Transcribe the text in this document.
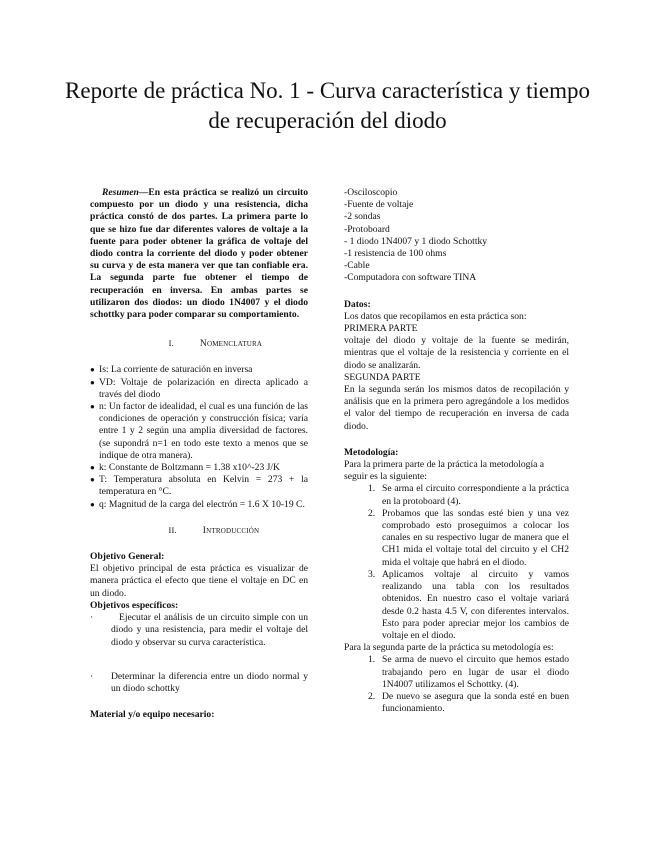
Reporte de práctica No. 1 - Curva característica y tiempo de recuperación del diodo

Resumen—En esta práctica se realizó un circuito compuesto por un diodo y una resistencia, dicha práctica constó de dos partes. La primera parte lo que se hizo fue dar diferentes valores de voltaje a la fuente para poder obtener la gráfica de voltaje del diodo contra la corriente del diodo y poder obtener su curva y de esta manera ver que tan confiable era. La segunda parte fue obtener el tiempo de recuperación en inversa. En ambas partes se utilizaron dos diodos: un diodo 1N4007 y el diodo schottky para poder comparar su comportamiento.

I.	Nomenclatura
● Is: La corriente de saturación en inversa
● VD: Voltaje de polarización en directa aplicado a través del diodo
● n: Un factor de idealidad, el cual es una función de las condiciones de operación y construcción física; varía entre 1 y 2 según una amplia diversidad de factores. (se supondrá n=1 en todo este texto a menos que se indique de otra manera).
● k: Constante de Boltzmann = 1.38 x10^-23 J/K
● T: Temperatura absoluta en Kelvin = 273 + la temperatura en °C.
● q: Magnitud de la carga del electrón = 1.6 X 10-19 C.
II.	Introducción

Objetivo General:

El objetivo principal de esta práctica es visualizar de manera práctica el efecto que tiene el voltaje en DC en un diodo.

Objetivos específicos:

·	Ejecutar el análisis de un circuito simple con un diodo y una resistencia, para medir el voltaje del diodo y observar su curva característica.
· Determinar la diferencia entre un diodo normal y un diodo schottky

Material y/o equipo necesario:

-Osciloscopio
-Fuente de voltaje
-2 sondas
-Protoboard
- 1 diodo 1N4007 y 1 diodo Schottky
-1 resistencia de 100 ohms
-Cable
-Computadora con software TINA

Datos:

Los datos que recopilamos en esta práctica son:

PRIMERA PARTE

voltaje del diodo y voltaje de la fuente se medirán, mientras que el voltaje de la resistencia y corriente en el diodo se analizarán.

SEGUNDA PARTE

En la segunda serán los mismos datos de recopilación y análisis que en la primera pero agregándole a los medidos el valor del tiempo de recuperación en inversa de cada diodo.

Metodología:

Para la primera parte de la práctica la metodología a seguir es la siguiente:

1. Se arma el circuito correspondiente a la práctica en la protoboard (4).
2. Probamos que las sondas esté bien y una vez comprobado esto proseguimos a colocar los canales en su respectivo lugar de manera que el CH1 mida el voltaje total del circuito y el CH2 mida el voltaje que habrá en el diodo.
3. Aplicamos voltaje al circuito y vamos realizando una tabla con los resultados obtenidos. En nuestro caso el voltaje variará desde 0.2 hasta 4.5 V, con diferentes intervalos. Esto para poder apreciar mejor los cambios de voltaje en el diodo.

Para la segunda parte de la práctica su metodología es:

1. Se arma de nuevo el circuito que hemos estado trabajando pero en lugar de usar el diodo 1N4007 utilizamos el Schottky. (4).
2. De nuevo se asegura que la sonda esté en buen funcionamiento.
